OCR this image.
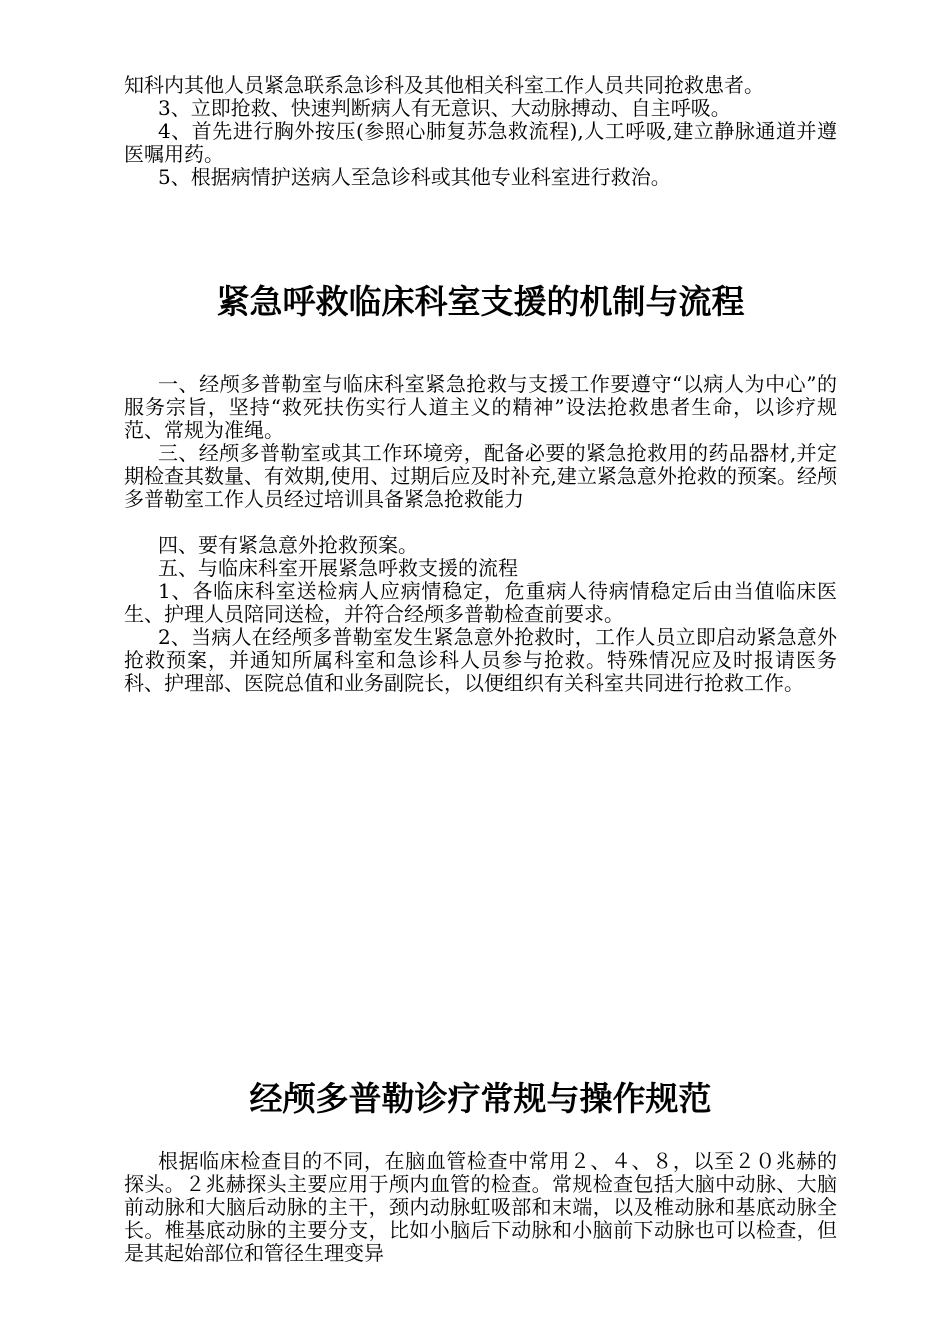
知科内其他人员紧急联系急诊科及其他相关科室工作人员共同抢救患者。

3、立即抢救、快速判断病人有无意识、大动脉搏动、自主呼吸。

4、首先进行胸外按压(参照心肺复苏急救流程),人工呼吸,建立静脉通道并遵医嘱用药。

5、根据病情护送病人至急诊科或其他专业科室进行救治。

紧急呼救临床科室支援的机制与流程

一、经颅多普勒室与临床科室紧急抢救与支援工作要遵守“以病人为中心”的服务宗旨，坚持“救死扶伤实行人道主义的精神”设法抢救患者生命，以诊疗规范、常规为准绳。

三、经颅多普勒室或其工作环境旁，配备必要的紧急抢救用的药品器材,并定期检查其数量、有效期,使用、过期后应及时补充,建立紧急意外抢救的预案。经颅多普勒室工作人员经过培训具备紧急抢救能力

四、要有紧急意外抢救预案。

五、与临床科室开展紧急呼救支援的流程

1、各临床科室送检病人应病情稳定，危重病人待病情稳定后由当值临床医生、护理人员陪同送检，并符合经颅多普勒检查前要求。

2、当病人在经颅多普勒室发生紧急意外抢救时，工作人员立即启动紧急意外抢救预案，并通知所属科室和急诊科人员参与抢救。特殊情况应及时报请医务科、护理部、医院总值和业务副院长，以便组织有关科室共同进行抢救工作。

经颅多普勒诊疗常规与操作规范

根据临床检查目的不同，在脑血管检查中常用２、４、８，以至２０兆赫的探头。２兆赫探头主要应用于颅内血管的检查。常规检查包括大脑中动脉、大脑前动脉和大脑后动脉的主干，颈内动脉虹吸部和末端，以及椎动脉和基底动脉全长。椎基底动脉的主要分支，比如小脑后下动脉和小脑前下动脉也可以检查，但是其起始部位和管径生理变异
